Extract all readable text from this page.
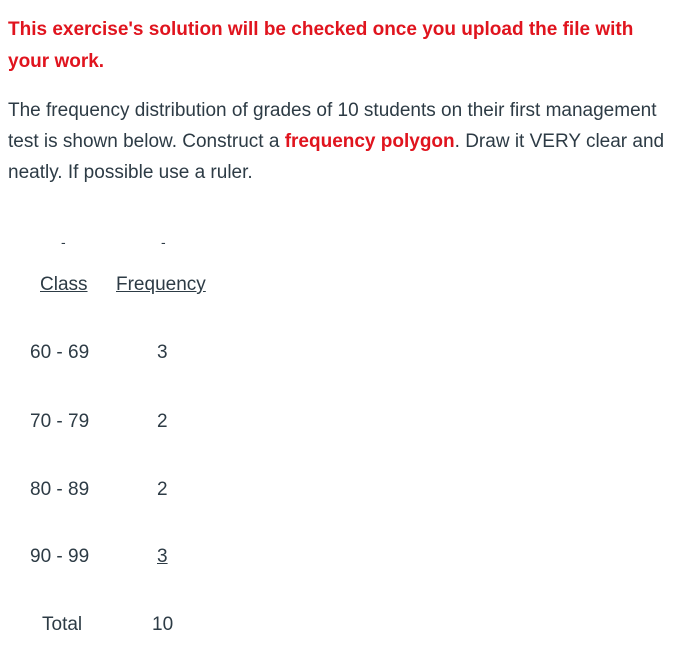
This exercise's solution will be checked once you upload the file with your work.
The frequency distribution of grades of 10 students on their first management test is shown below. Construct a frequency polygon. Draw it VERY clear and neatly. If possible use a ruler.
-	-
Class Frequency
60 - 69	3
70 - 79	2
80 - 89	2
90 - 99	3
Total	10
